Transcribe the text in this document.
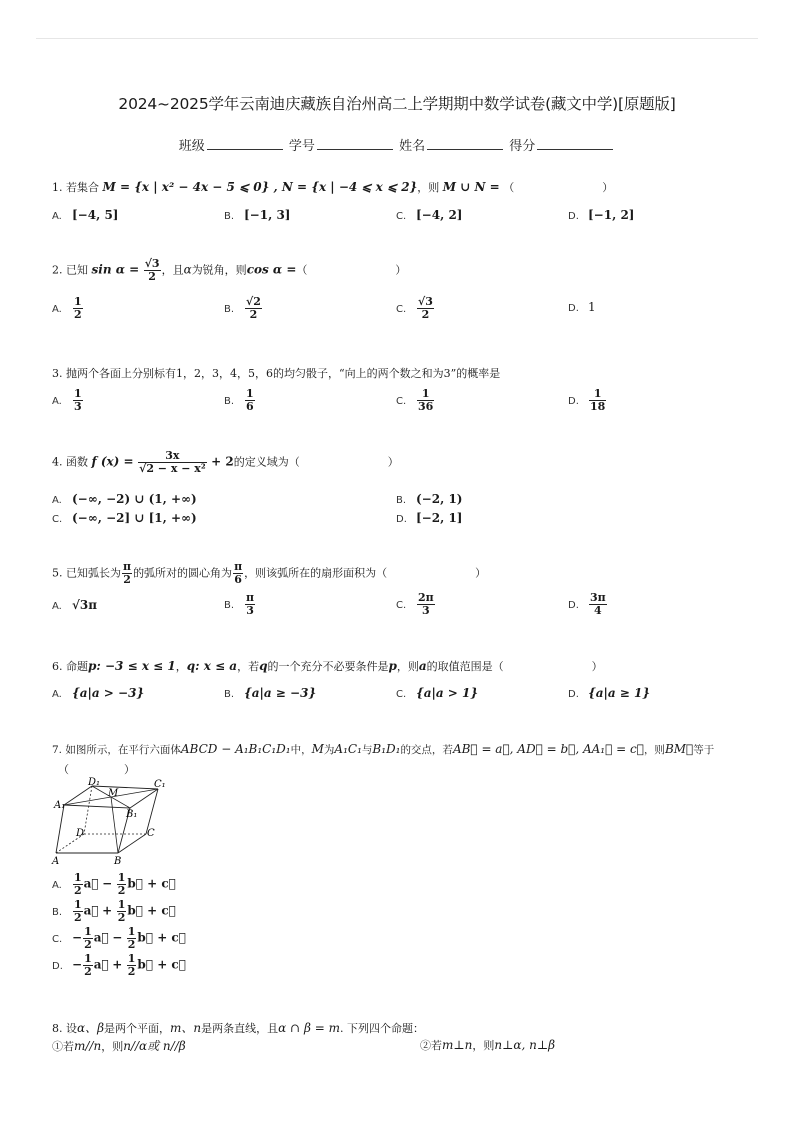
2024~2025学年云南迪庆藏族自治州高二上学期期中数学试卷(藏文中学)[原题版]
班级	学号	姓名	得分
1. 若集合 M = {x | x² − 4x − 5 ⩽ 0} , N = {x | −4 ⩽ x ⩽ 2}，则 M ∪ N = （　　　　　　　　）
A. [−4, 5]	B. [−1, 3]	C. [−4, 2]	D. [−1, 2]
2. 已知 $\sin \alpha = \frac{√3}{2}$ ，且α为锐角，则cos α =（　　　　　　　　）
A. $\frac{1}{2}$	B. $\frac{√2}{2}$	C. $\frac{√3}{2}$	D. 1
3. 抛两个各面上分别标有1，2，3，4，5，6的均匀骰子，“向上的两个数之和为3”的概率是
A. $\frac{1}{3}$	B. $\frac{1}{6}$	C. $\frac{1}{36}$	D. $\frac{1}{18}$
4. 函数 f $(x) = \frac{3x}{\text{√2 − x − x²}} + 2$的定义域为（　　　　　　　　）
A. (−∞, −2) ∪ (1, +∞)	B. (−2, 1)
C. (−∞, −2] ∪ [1, +∞)	D. [−2, 1]
5. 已知弧长为 $\frac{\pi}{2}$ 的弧所对的圆心角为 $\frac{\pi}{6}$ ，则该弧所在的扇形面积为（　　　　　　　　）
A. √3π	B. $\frac{\pi}{3}$	C. $\frac{2\pi}{3}$	D. $\frac{3\pi}{4}$
6. 命题p: −3 ≤ x ≤ 1，q: x ≤ a，若q的一个充分不必要条件是p，则a的取值范围是（　　　　　　　　）
A. {a|a > −3}	B. {a|a ≥ −3}	C. {a|a > 1}	D. {a|a ≥ 1}
7. 如图所示，在平行六面体ABCD − A₁B₁C₁D₁中，M为A₁C₁与B₁D₁的交点，若AB⃗ = a⃗, AD⃗ = b⃗, AA₁⃗ = c⃗，则BM⃗等于
（　　　　　）
D₁	C₁
A₁
M
B₁
D	C
A	B
A. $\frac{1}{2}$ a⃗ − $\frac{1}{2}$ b⃗ + c⃗
B. $\frac{1}{2}$ a⃗ + $\frac{1}{2}$ b⃗ + c⃗
C. − $\frac{1}{2}$ a⃗ − $\frac{1}{2}$ b⃗ + c⃗
D. − $\frac{1}{2}$ a⃗ + $\frac{1}{2}$ b⃗ + c⃗
8. 设α、β是两个平面，m、n是两条直线，且α ∩ β = m. 下列四个命题：
①若m//n，则n//α或 n//β	②若m⊥n，则n⊥α, n⊥β
